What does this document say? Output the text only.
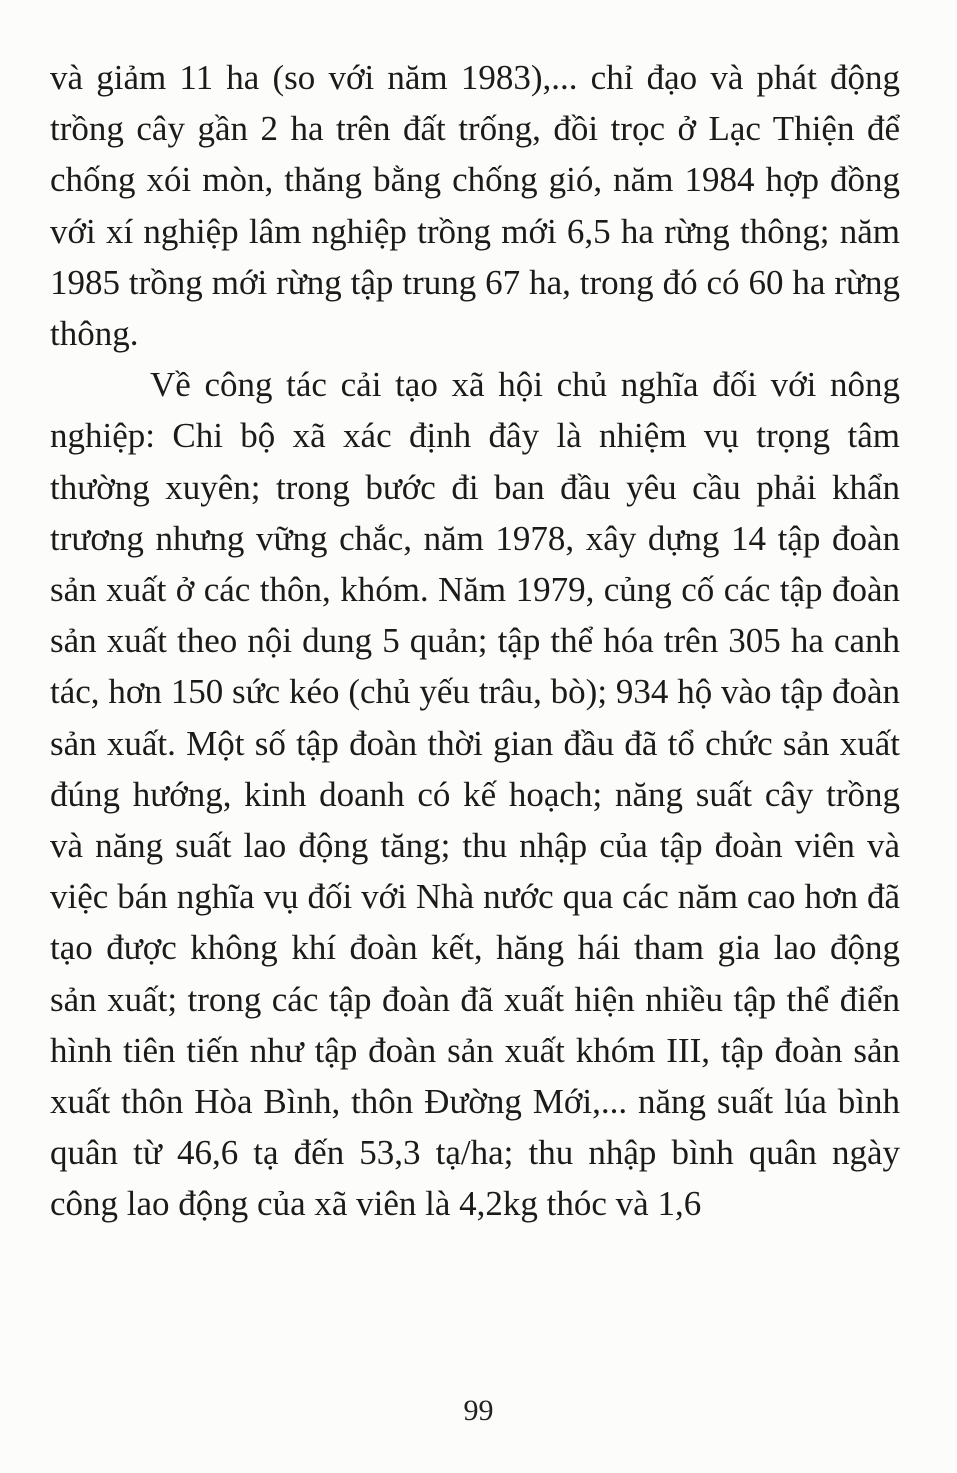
và giảm 11 ha (so với năm 1983),... chỉ đạo và phát động trồng cây gần 2 ha trên đất trống, đồi trọc ở Lạc Thiện để chống xói mòn, thăng bằng chống gió, năm 1984 hợp đồng với xí nghiệp lâm nghiệp trồng mới 6,5 ha rừng thông; năm 1985 trồng mới rừng tập trung 67 ha, trong đó có 60 ha rừng thông.

Về công tác cải tạo xã hội chủ nghĩa đối với nông nghiệp: Chi bộ xã xác định đây là nhiệm vụ trọng tâm thường xuyên; trong bước đi ban đầu yêu cầu phải khẩn trương nhưng vững chắc, năm 1978, xây dựng 14 tập đoàn sản xuất ở các thôn, khóm. Năm 1979, củng cố các tập đoàn sản xuất theo nội dung 5 quản; tập thể hóa trên 305 ha canh tác, hơn 150 sức kéo (chủ yếu trâu, bò); 934 hộ vào tập đoàn sản xuất. Một số tập đoàn thời gian đầu đã tổ chức sản xuất đúng hướng, kinh doanh có kế hoạch; năng suất cây trồng và năng suất lao động tăng; thu nhập của tập đoàn viên và việc bán nghĩa vụ đối với Nhà nước qua các năm cao hơn đã tạo được không khí đoàn kết, hăng hái tham gia lao động sản xuất; trong các tập đoàn đã xuất hiện nhiều tập thể điển hình tiên tiến như tập đoàn sản xuất khóm III, tập đoàn sản xuất thôn Hòa Bình, thôn Đường Mới,... năng suất lúa bình quân từ 46,6 tạ đến 53,3 tạ/ha; thu nhập bình quân ngày công lao động của xã viên là 4,2kg thóc và 1,6

99
